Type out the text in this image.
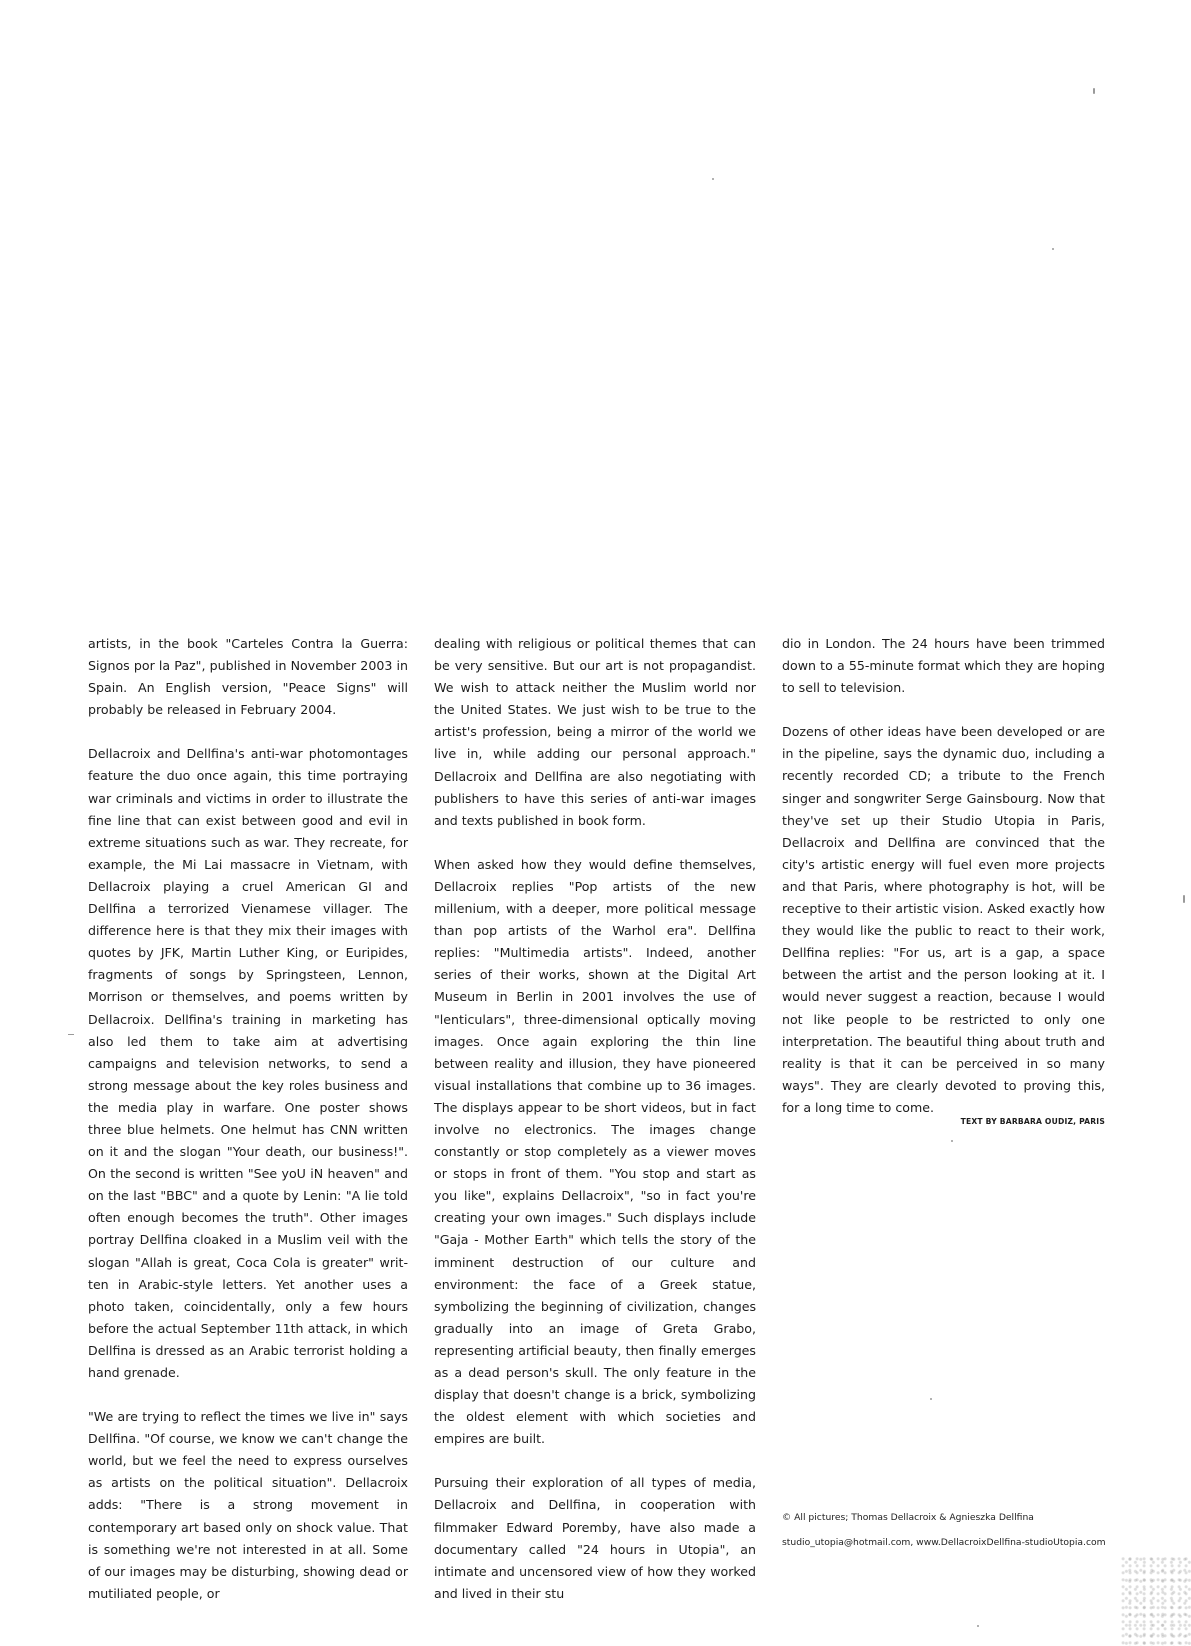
artists, in the book "Carteles Contra la Guerra: Signos por la Paz", published in November 2003 in Spain. An English version, "Peace Signs" will probably be released in February 2004.

Dellacroix and Dellfina's anti-war photomontages feature the duo once again, this time portraying war criminals and victims in order to illustrate the fine line that can exist between good and evil in extreme situations such as war. They recreate, for example, the Mi Lai massacre in Vietnam, with Dellacroix playing a cruel American GI and Dellfina a terrorized Vienamese villager. The difference here is that they mix their images with quotes by JFK, Martin Luther King, or Euripides, fragments of songs by Springsteen, Lennon, Morrison or themselves, and poems written by Dellacroix. Dellfina's training in marketing has also led them to take aim at advertising campaigns and television networks, to send a strong message about the key roles business and the media play in warfare. One poster shows three blue helmets. One helmut has CNN written on it and the slogan "Your death, our business!". On the second is written "See yoU iN heaven" and on the last "BBC" and a quote by Lenin: "A lie told often enough becomes the truth". Other images portray Dellfina cloaked in a Muslim veil with the slogan "Allah is great, Coca Cola is greater" written in Arabic-style letters. Yet another uses a photo taken, coincidentally, only a few hours before the actual September 11th attack, in which Dellfina is dressed as an Arabic terrorist holding a hand grenade.

"We are trying to reflect the times we live in" says Dellfina. "Of course, we know we can't change the world, but we feel the need to express ourselves as artists on the political situation". Dellacroix adds: "There is a strong movement in contemporary art based only on shock value. That is something we're not interested in at all. Some of our images may be disturbing, showing dead or mutiliated people, or

dealing with religious or political themes that can be very sensitive. But our art is not propagandist. We wish to attack neither the Muslim world nor the United States. We just wish to be true to the artist's profession, being a mirror of the world we live in, while adding our personal approach." Dellacroix and Dellfina are also negotiating with publishers to have this series of anti-war images and texts published in book form.

When asked how they would define themselves, Dellacroix replies "Pop artists of the new millenium, with a deeper, more political message than pop artists of the Warhol era". Dellfina replies: "Multimedia artists". Indeed, another series of their works, shown at the Digital Art Museum in Berlin in 2001 involves the use of "lenticulars", three-dimensional optically moving images. Once again exploring the thin line between reality and illusion, they have pioneered visual installations that combine up to 36 images. The displays appear to be short videos, but in fact involve no electronics. The images change constantly or stop completely as a viewer moves or stops in front of them. "You stop and start as you like", explains Dellacroix", "so in fact you're creating your own images." Such displays include "Gaja - Mother Earth" which tells the story of the imminent destruction of our culture and environment: the face of a Greek statue, symbolizing the beginning of civilization, changes gradually into an image of Greta Grabo, representing artificial beauty, then finally emerges as a dead person's skull. The only feature in the display that doesn't change is a brick, symbolizing the oldest element with which societies and empires are built.

Pursuing their exploration of all types of media, Dellacroix and Dellfina, in cooperation with filmmaker Edward Poremby, have also made a documentary called "24 hours in Utopia", an intimate and uncensored view of how they worked and lived in their stu

dio in London. The 24 hours have been trimmed down to a 55-minute format which they are hoping to sell to television.

Dozens of other ideas have been developed or are in the pipeline, says the dynamic duo, including a recently recorded CD; a tribute to the French singer and songwriter Serge Gainsbourg. Now that they've set up their Studio Utopia in Paris, Dellacroix and Dellfina are convinced that the city's artistic energy will fuel even more projects and that Paris, where photography is hot, will be receptive to their artistic vision. Asked exactly how they would like the public to react to their work, Dellfina replies: "For us, art is a gap, a space between the artist and the person looking at it. I would never suggest a reaction, because I would not like people to be restricted to only one interpretation. The beautiful thing about truth and reality is that it can be perceived in so many ways". They are clearly devoted to proving this, for a long time to come.

TEXT BY BARBARA OUDIZ, PARIS
© All pictures; Thomas Dellacroix & Agnieszka Dellfina
studio_utopia@hotmail.com, www.DellacroixDellfina-studioUtopia.com
